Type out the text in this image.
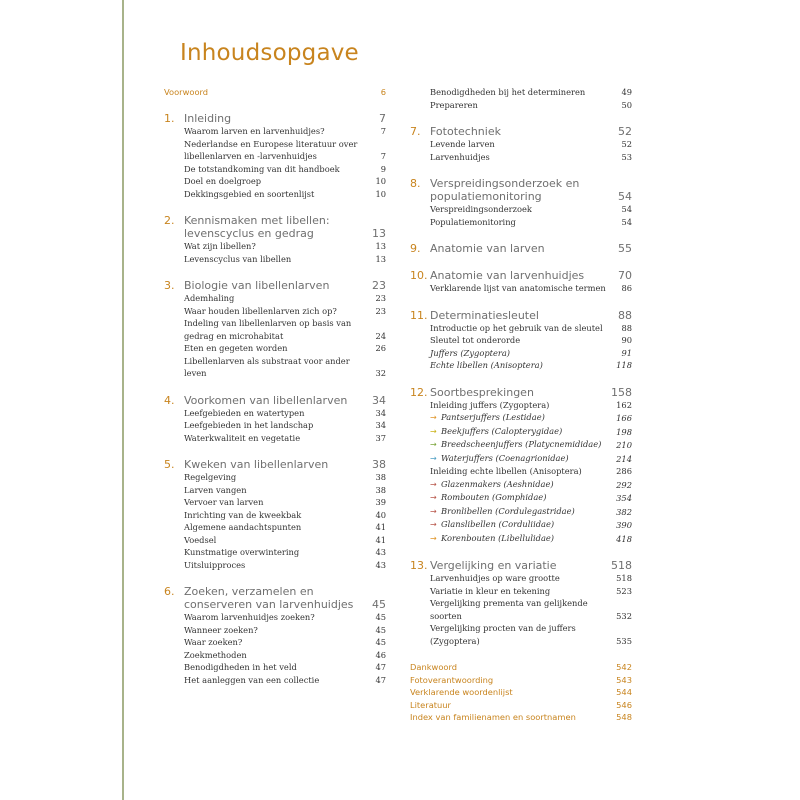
Inhoudsopgave
Voorwoord	6
1. Inleiding	7
Waarom larven en larvenhuidjes?	7
Nederlandse en Europese literatuur over
libellenlarven en -larvenhuidjes	7
De totstandkoming van dit handboek	9
Doel en doelgroep	10
Dekkingsgebied en soortenlijst	10
2. Kennismaken met libellen:
levenscyclus en gedrag	13
Wat zijn libellen?	13
Levenscyclus van libellen	13
3. Biologie van libellenlarven	23
Ademhaling	23
Waar houden libellenlarven zich op?	23
Indeling van libellenlarven op basis van
gedrag en microhabitat	24
Eten en gegeten worden	26
Libellenlarven als substraat voor ander leven	32
4. Voorkomen van libellenlarven	34
Leefgebieden en watertypen	34
Leefgebieden in het landschap	34
Waterkwaliteit en vegetatie	37
5. Kweken van libellenlarven	38
Regelgeving	38
Larven vangen	38
Vervoer van larven	39
Inrichting van de kweekbak	40
Algemene aandachtspunten	41
Voedsel	41
Kunstmatige overwintering	43
Uitsluipproces	43
6. Zoeken, verzamelen en
conserveren van larvenhuidjes	45
Waarom larvenhuidjes zoeken?	45
Wanneer zoeken?	45
Waar zoeken?	45
Zoekmethoden	46
Benodigdheden in het veld	47
Het aanleggen van een collectie	47
Benodigdheden bij het determineren	49
Prepareren	50
7. Fototechniek	52
Levende larven	52
Larvenhuidjes	53
8. Verspreidingsonderzoek en
populatiemonitoring	54
Verspreidingsonderzoek	54
Populatiemonitoring	54
9. Anatomie van larven	55
10. Anatomie van larvenhuidjes	70
Verklarende lijst van anatomische termen	86
11. Determinatiesleutel	88
Introductie op het gebruik van de sleutel	88
Sleutel tot onderorde	90
Juffers (Zygoptera)	91
Echte libellen (Anisoptera)	118
12. Soortbesprekingen	158
Inleiding juffers (Zygoptera)	162
→ Pantserjuffers (Lestidae)	166
→ Beekjuffers (Calopterygidae)	198
→ Breedscheenjuffers (Platycnemididae)	210
→ Waterjuffers (Coenagrionidae)	214
Inleiding echte libellen (Anisoptera)	286
→ Glazenmakers (Aeshnidae)	292
→ Rombouten (Gomphidae)	354
→ Bronlibellen (Cordulegastridae)	382
→ Glanslibellen (Corduliidae)	390
→ Korenbouten (Libellulidae)	418
13. Vergelijking en variatie	518
Larvenhuidjes op ware grootte	518
Variatie in kleur en tekening	523
Vergelijking prementa van gelijkende soorten	532
Vergelijking procten van de juffers (Zygoptera)	535
Dankwoord	542
Fotoverantwoording	543
Verklarende woordenlijst	544
Literatuur	546
Index van familienamen en soortnamen	548
